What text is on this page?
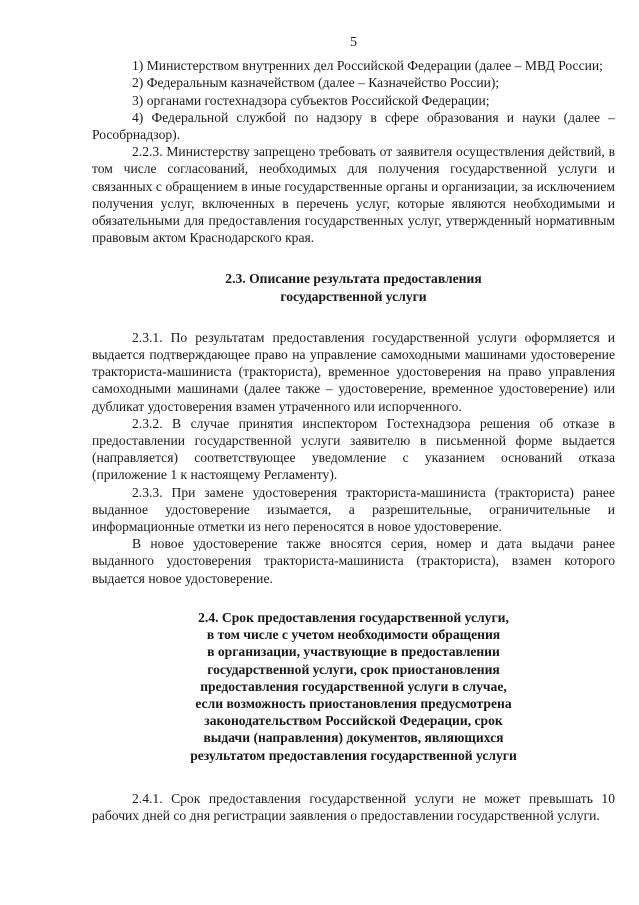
5

1) Министерством внутренних дел Российской Федерации (далее – МВД России;

2) Федеральным казначейством (далее – Казначейство России);

3) органами гостехнадзора субъектов Российской Федерации;

4) Федеральной службой по надзору в сфере образования и науки (далее – Рособрнадзор).

2.2.3. Министерству запрещено требовать от заявителя осуществления действий, в том числе согласований, необходимых для получения государственной услуги и связанных с обращением в иные государственные органы и организации, за исключением получения услуг, включенных в перечень услуг, которые являются необходимыми и обязательными для предоставления государственных услуг, утвержденный нормативным правовым актом Краснодарского края.

2.3. Описание результата предоставления
государственной услуги

2.3.1. По результатам предоставления государственной услуги оформляется и выдается подтверждающее право на управление самоходными машинами удостоверение тракториста-машиниста (тракториста), временное удостоверения на право управления самоходными машинами (далее также – удостоверение, временное удостоверение) или дубликат удостоверения взамен утраченного или испорченного.

2.3.2. В случае принятия инспектором Гостехнадзора решения об отказе в предоставлении государственной услуги заявителю в письменной форме выдается (направляется) соответствующее уведомление с указанием оснований отказа (приложение 1 к настоящему Регламенту).

2.3.3. При замене удостоверения тракториста-машиниста (тракториста) ранее выданное удостоверение изымается, а разрешительные, ограничительные и информационные отметки из него переносятся в новое удостоверение.

В новое удостоверение также вносятся серия, номер и дата выдачи ранее выданного удостоверения тракториста-машиниста (тракториста), взамен которого выдается новое удостоверение.

2.4. Срок предоставления государственной услуги,
в том числе с учетом необходимости обращения
в организации, участвующие в предоставлении
государственной услуги, срок приостановления
предоставления государственной услуги в случае,
если возможность приостановления предусмотрена
законодательством Российской Федерации, срок
выдачи (направления) документов, являющихся
результатом предоставления государственной услуги

2.4.1. Срок предоставления государственной услуги не может превышать 10 рабочих дней со дня регистрации заявления о предоставлении государственной услуги.
